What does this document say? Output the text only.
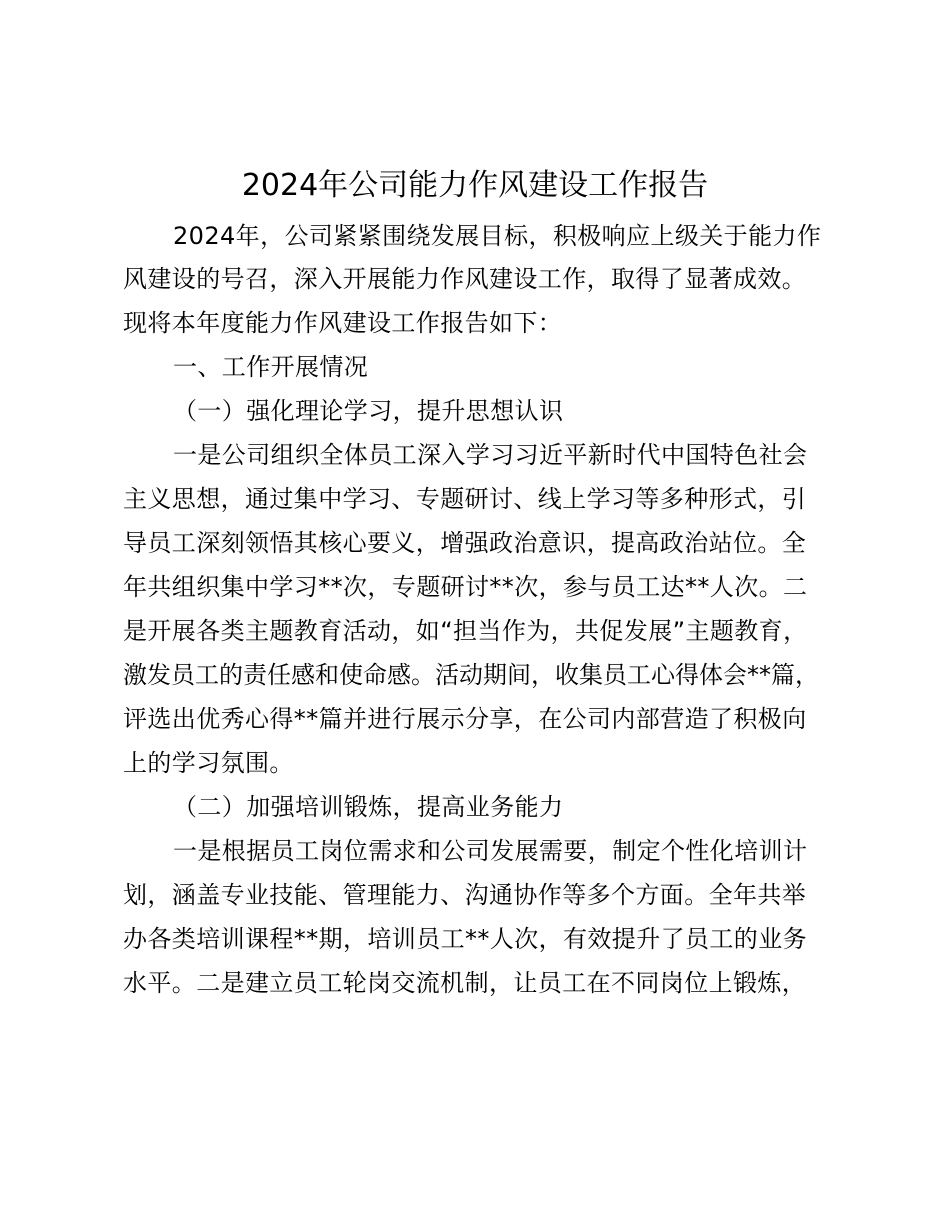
2024年公司能力作风建设工作报告
2024年，公司紧紧围绕发展目标，积极响应上级关于能力作
风建设的号召，深入开展能力作风建设工作，取得了显著成效。
现将本年度能力作风建设工作报告如下：
一、工作开展情况
（一）强化理论学习，提升思想认识
一是公司组织全体员工深入学习习近平新时代中国特色社会
主义思想，通过集中学习、专题研讨、线上学习等多种形式，引
导员工深刻领悟其核心要义，增强政治意识，提高政治站位。全
年共组织集中学习**次，专题研讨**次，参与员工达**人次。二
是开展各类主题教育活动，如“担当作为，共促发展”主题教育，
激发员工的责任感和使命感。活动期间，收集员工心得体会**篇，
评选出优秀心得**篇并进行展示分享，在公司内部营造了积极向
上的学习氛围。
（二）加强培训锻炼，提高业务能力
一是根据员工岗位需求和公司发展需要，制定个性化培训计
划，涵盖专业技能、管理能力、沟通协作等多个方面。全年共举
办各类培训课程**期，培训员工**人次，有效提升了员工的业务
水平。二是建立员工轮岗交流机制，让员工在不同岗位上锻炼，
